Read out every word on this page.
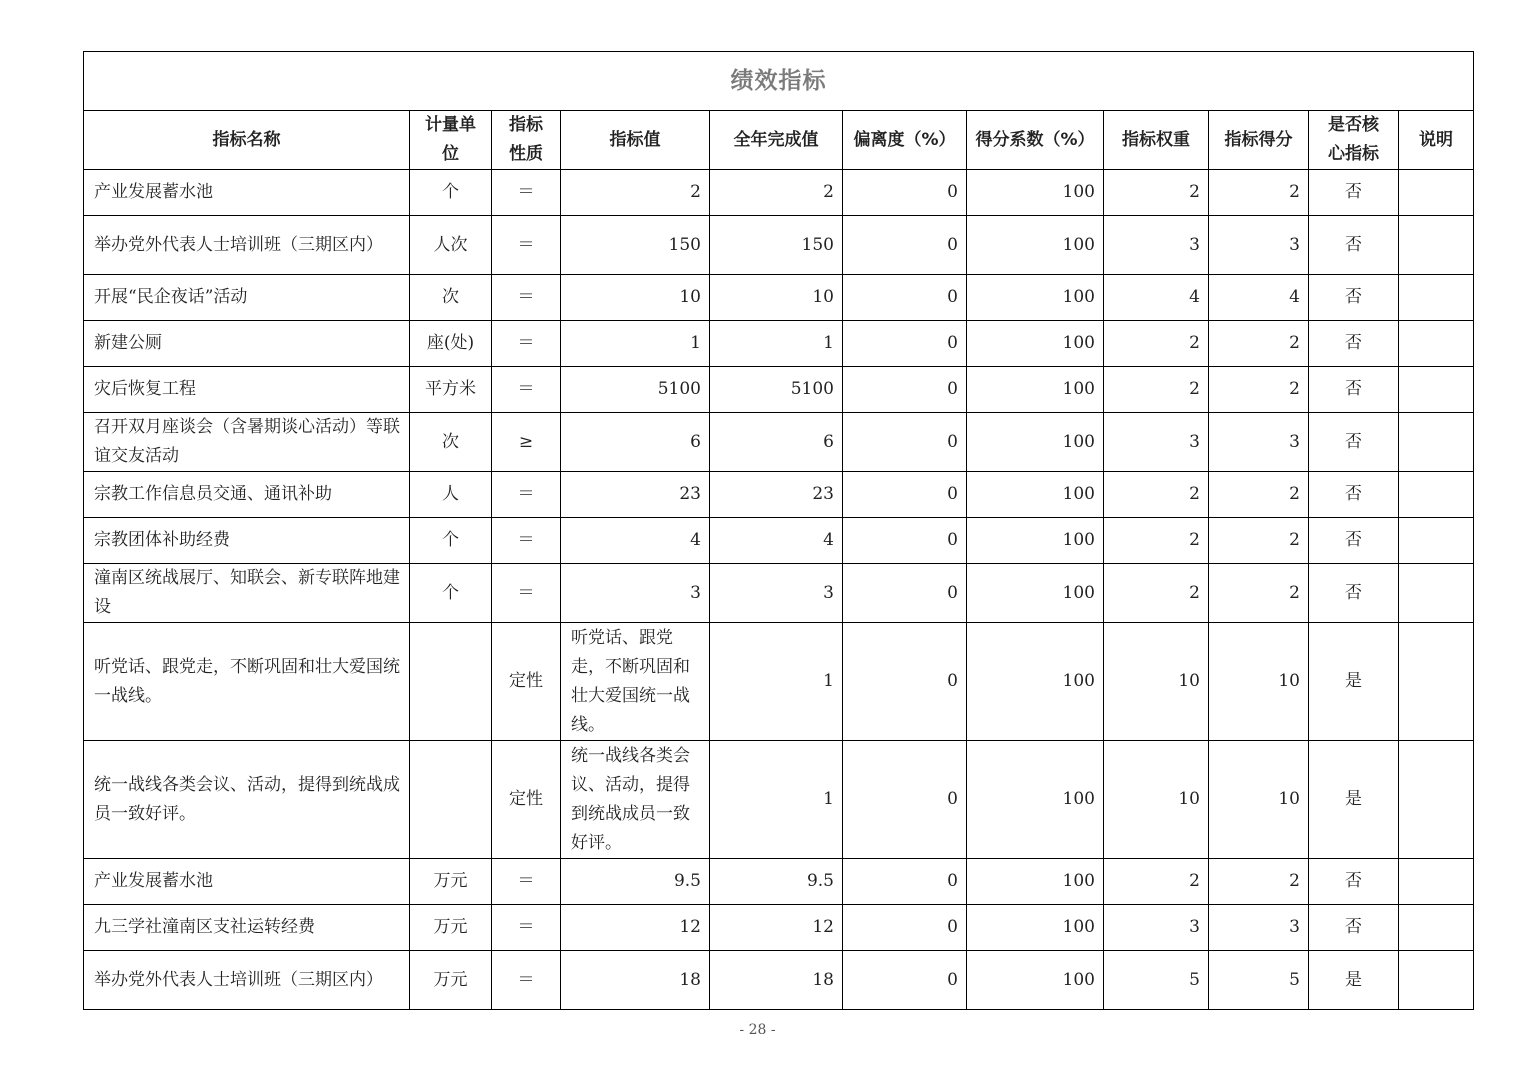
绩效指标										
指标名称	计量单位	指标性质	指标值	全年完成值	偏离度（%）	得分系数（%）	指标权重	指标得分	是否核心指标	说明
产业发展蓄水池	个	＝	2	2	0	100	2	2	否	
举办党外代表人士培训班（三期区内）	人次	＝	150	150	0	100	3	3	否	
开展“民企夜话”活动	次	＝	10	10	0	100	4	4	否	
新建公厕	座(处)	＝	1	1	0	100	2	2	否	
灾后恢复工程	平方米	＝	5100	5100	0	100	2	2	否	
召开双月座谈会（含暑期谈心活动）等联谊交友活动	次	≥	6	6	0	100	3	3	否	
宗教工作信息员交通、通讯补助	人	＝	23	23	0	100	2	2	否	
宗教团体补助经费	个	＝	4	4	0	100	2	2	否	
潼南区统战展厅、知联会、新专联阵地建设	个	＝	3	3	0	100	2	2	否	
听党话、跟党走，不断巩固和壮大爱国统一战线。		定性	听党话、跟党走，不断巩固和壮大爱国统一战线。	1	0	100	10	10	是	
统一战线各类会议、活动，提得到统战成员一致好评。		定性	统一战线各类会议、活动，提得到统战成员一致好评。	1	0	100	10	10	是	
产业发展蓄水池	万元	＝	9.5	9.5	0	100	2	2	否	
九三学社潼南区支社运转经费	万元	＝	12	12	0	100	3	3	否	
举办党外代表人士培训班（三期区内）	万元	＝	18	18	0	100	5	5	是	
- 28 -
